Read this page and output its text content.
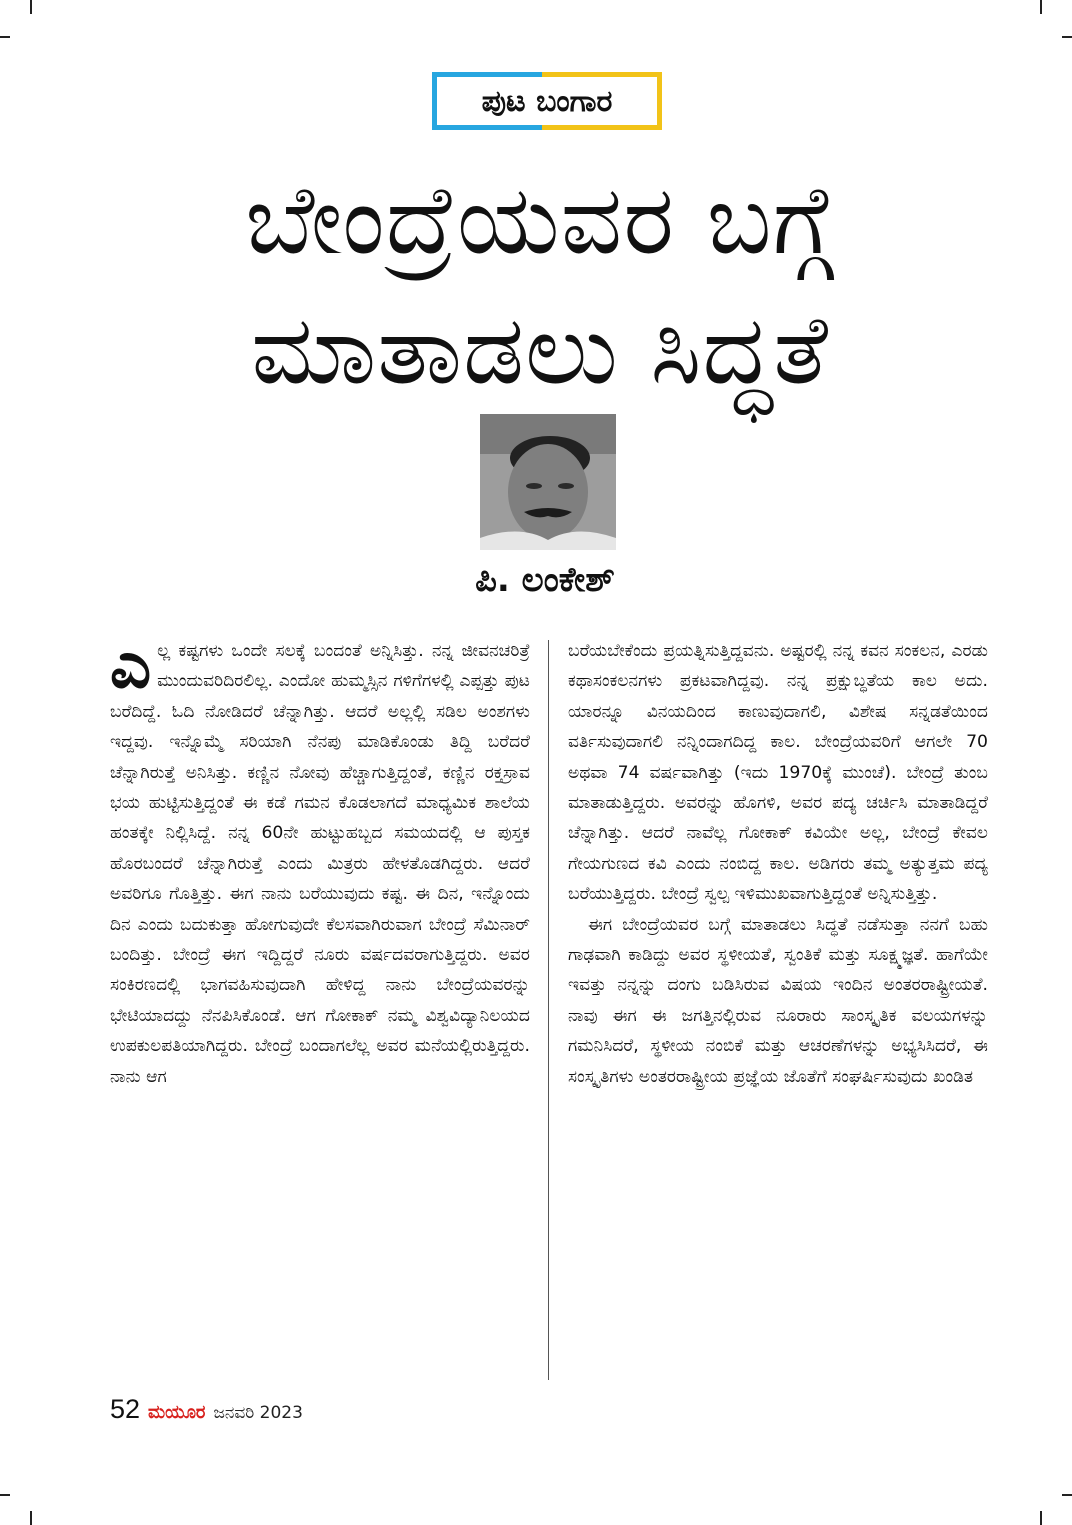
ಪುಟ ಬಂಗಾರ
ಬೇಂದ್ರೆಯವರ ಬಗ್ಗೆ
ಮಾತಾಡಲು ಸಿದ್ಧತೆ
ಪಿ. ಲಂಕೇಶ್
ಎ ಲ್ಲ ಕಷ್ಟಗಳು ಒಂದೇ ಸಲಕ್ಕೆ ಬಂದಂತೆ ಅನ್ನಿಸಿತ್ತು. ನನ್ನ ಜೀವನಚರಿತ್ರೆ ಮುಂದುವರಿದಿರಲಿಲ್ಲ. ಎಂದೋ ಹುಮ್ಮಸ್ಸಿನ ಗಳಿಗೆಗಳಲ್ಲಿ ಎಪ್ಪತ್ತು ಪುಟ ಬರೆದಿದ್ದೆ. ಓದಿ ನೋಡಿದರೆ ಚೆನ್ನಾಗಿತ್ತು. ಆದರೆ ಅಲ್ಲಲ್ಲಿ ಸಡಿಲ ಅಂಶಗಳು ಇದ್ದವು. ಇನ್ನೊಮ್ಮೆ ಸರಿಯಾಗಿ ನೆನಪು ಮಾಡಿಕೊಂಡು ತಿದ್ದಿ ಬರೆದರೆ ಚೆನ್ನಾಗಿರುತ್ತೆ ಅನಿಸಿತ್ತು. ಕಣ್ಣಿನ ನೋವು ಹೆಚ್ಚಾಗುತ್ತಿದ್ದಂತೆ, ಕಣ್ಣಿನ ರಕ್ತಸ್ರಾವ ಭಯ ಹುಟ್ಟಿಸುತ್ತಿದ್ದಂತೆ ಈ ಕಡೆ ಗಮನ ಕೊಡಲಾಗದೆ ಮಾಧ್ಯಮಿಕ ಶಾಲೆಯ ಹಂತಕ್ಕೇ ನಿಲ್ಲಿಸಿದ್ದೆ. ನನ್ನ 60ನೇ ಹುಟ್ಟುಹಬ್ಬದ ಸಮಯದಲ್ಲಿ ಆ ಪುಸ್ತಕ ಹೊರಬಂದರೆ ಚೆನ್ನಾಗಿರುತ್ತೆ ಎಂದು ಮಿತ್ರರು ಹೇಳತೊಡಗಿದ್ದರು. ಆದರೆ ಅವರಿಗೂ ಗೊತ್ತಿತ್ತು. ಈಗ ನಾನು ಬರೆಯುವುದು ಕಷ್ಟ. ಈ ದಿನ, ಇನ್ನೊಂದು ದಿನ ಎಂದು ಬದುಕುತ್ತಾ ಹೋಗುವುದೇ ಕೆಲಸವಾಗಿರುವಾಗ ಬೇಂದ್ರೆ ಸೆಮಿನಾರ್ ಬಂದಿತ್ತು. ಬೇಂದ್ರೆ ಈಗ ಇದ್ದಿದ್ದರೆ ನೂರು ವರ್ಷದವರಾಗುತ್ತಿದ್ದರು. ಅವರ ಸಂಕಿರಣದಲ್ಲಿ ಭಾಗವಹಿಸುವುದಾಗಿ ಹೇಳಿದ್ದ ನಾನು ಬೇಂದ್ರೆಯವರನ್ನು ಭೇಟಿಯಾದದ್ದು ನೆನಪಿಸಿಕೊಂಡೆ. ಆಗ ಗೋಕಾಕ್ ನಮ್ಮ ವಿಶ್ವವಿದ್ಯಾನಿಲಯದ ಉಪಕುಲಪತಿಯಾಗಿದ್ದರು. ಬೇಂದ್ರೆ ಬಂದಾಗಲೆಲ್ಲ ಅವರ ಮನೆಯಲ್ಲಿರುತ್ತಿದ್ದರು. ನಾನು ಆಗ
ಬರೆಯಬೇಕೆಂದು ಪ್ರಯತ್ನಿಸುತ್ತಿದ್ದವನು. ಅಷ್ಟರಲ್ಲಿ ನನ್ನ ಕವನ ಸಂಕಲನ, ಎರಡು ಕಥಾಸಂಕಲನಗಳು ಪ್ರಕಟವಾಗಿದ್ದವು. ನನ್ನ ಪ್ರಕ್ಷುಬ್ಧತೆಯ ಕಾಲ ಅದು. ಯಾರನ್ನೂ ವಿನಯದಿಂದ ಕಾಣುವುದಾಗಲಿ, ವಿಶೇಷ ಸನ್ನಡತೆಯಿಂದ ವರ್ತಿಸುವುದಾಗಲಿ ನನ್ನಿಂದಾಗದಿದ್ದ ಕಾಲ. ಬೇಂದ್ರೆಯವರಿಗೆ ಆಗಲೇ 70 ಅಥವಾ 74 ವರ್ಷವಾಗಿತ್ತು (ಇದು 1970ಕ್ಕೆ ಮುಂಚೆ). ಬೇಂದ್ರೆ ತುಂಬ ಮಾತಾಡುತ್ತಿದ್ದರು. ಅವರನ್ನು ಹೊಗಳಿ, ಅವರ ಪದ್ಯ ಚರ್ಚಿಸಿ ಮಾತಾಡಿದ್ದರೆ ಚೆನ್ನಾಗಿತ್ತು. ಆದರೆ ನಾವೆಲ್ಲ ಗೋಕಾಕ್ ಕವಿಯೇ ಅಲ್ಲ, ಬೇಂದ್ರೆ ಕೇವಲ ಗೇಯಗುಣದ ಕವಿ ಎಂದು ನಂಬಿದ್ದ ಕಾಲ. ಅಡಿಗರು ತಮ್ಮ ಅತ್ಯುತ್ತಮ ಪದ್ಯ ಬರೆಯುತ್ತಿದ್ದರು. ಬೇಂದ್ರೆ ಸ್ವಲ್ಪ ಇಳಿಮುಖವಾಗುತ್ತಿದ್ದಂತೆ ಅನ್ನಿಸುತ್ತಿತ್ತು.
ಈಗ ಬೇಂದ್ರೆಯವರ ಬಗ್ಗೆ ಮಾತಾಡಲು ಸಿದ್ಧತೆ ನಡೆಸುತ್ತಾ ನನಗೆ ಬಹು ಗಾಢವಾಗಿ ಕಾಡಿದ್ದು ಅವರ ಸ್ಥಳೀಯತೆ, ಸ್ವಂತಿಕೆ ಮತ್ತು ಸೂಕ್ಷ್ಮಜ್ಞತೆ. ಹಾಗೆಯೇ ಇವತ್ತು ನನ್ನನ್ನು ದಂಗು ಬಡಿಸಿರುವ ವಿಷಯ ಇಂದಿನ ಅಂತರರಾಷ್ಟ್ರೀಯತೆ. ನಾವು ಈಗ ಈ ಜಗತ್ತಿನಲ್ಲಿರುವ ನೂರಾರು ಸಾಂಸ್ಕೃತಿಕ ವಲಯಗಳನ್ನು ಗಮನಿಸಿದರೆ, ಸ್ಥಳೀಯ ನಂಬಿಕೆ ಮತ್ತು ಆಚರಣೆಗಳನ್ನು ಅಭ್ಯಸಿಸಿದರೆ, ಈ ಸಂಸ್ಕೃತಿಗಳು ಅಂತರರಾಷ್ಟ್ರೀಯ ಪ್ರಜ್ಞೆಯ ಜೊತೆಗೆ ಸಂಘರ್ಷಿಸುವುದು ಖಂಡಿತ
52 ಮಯೂರ ಜನವರಿ 2023
